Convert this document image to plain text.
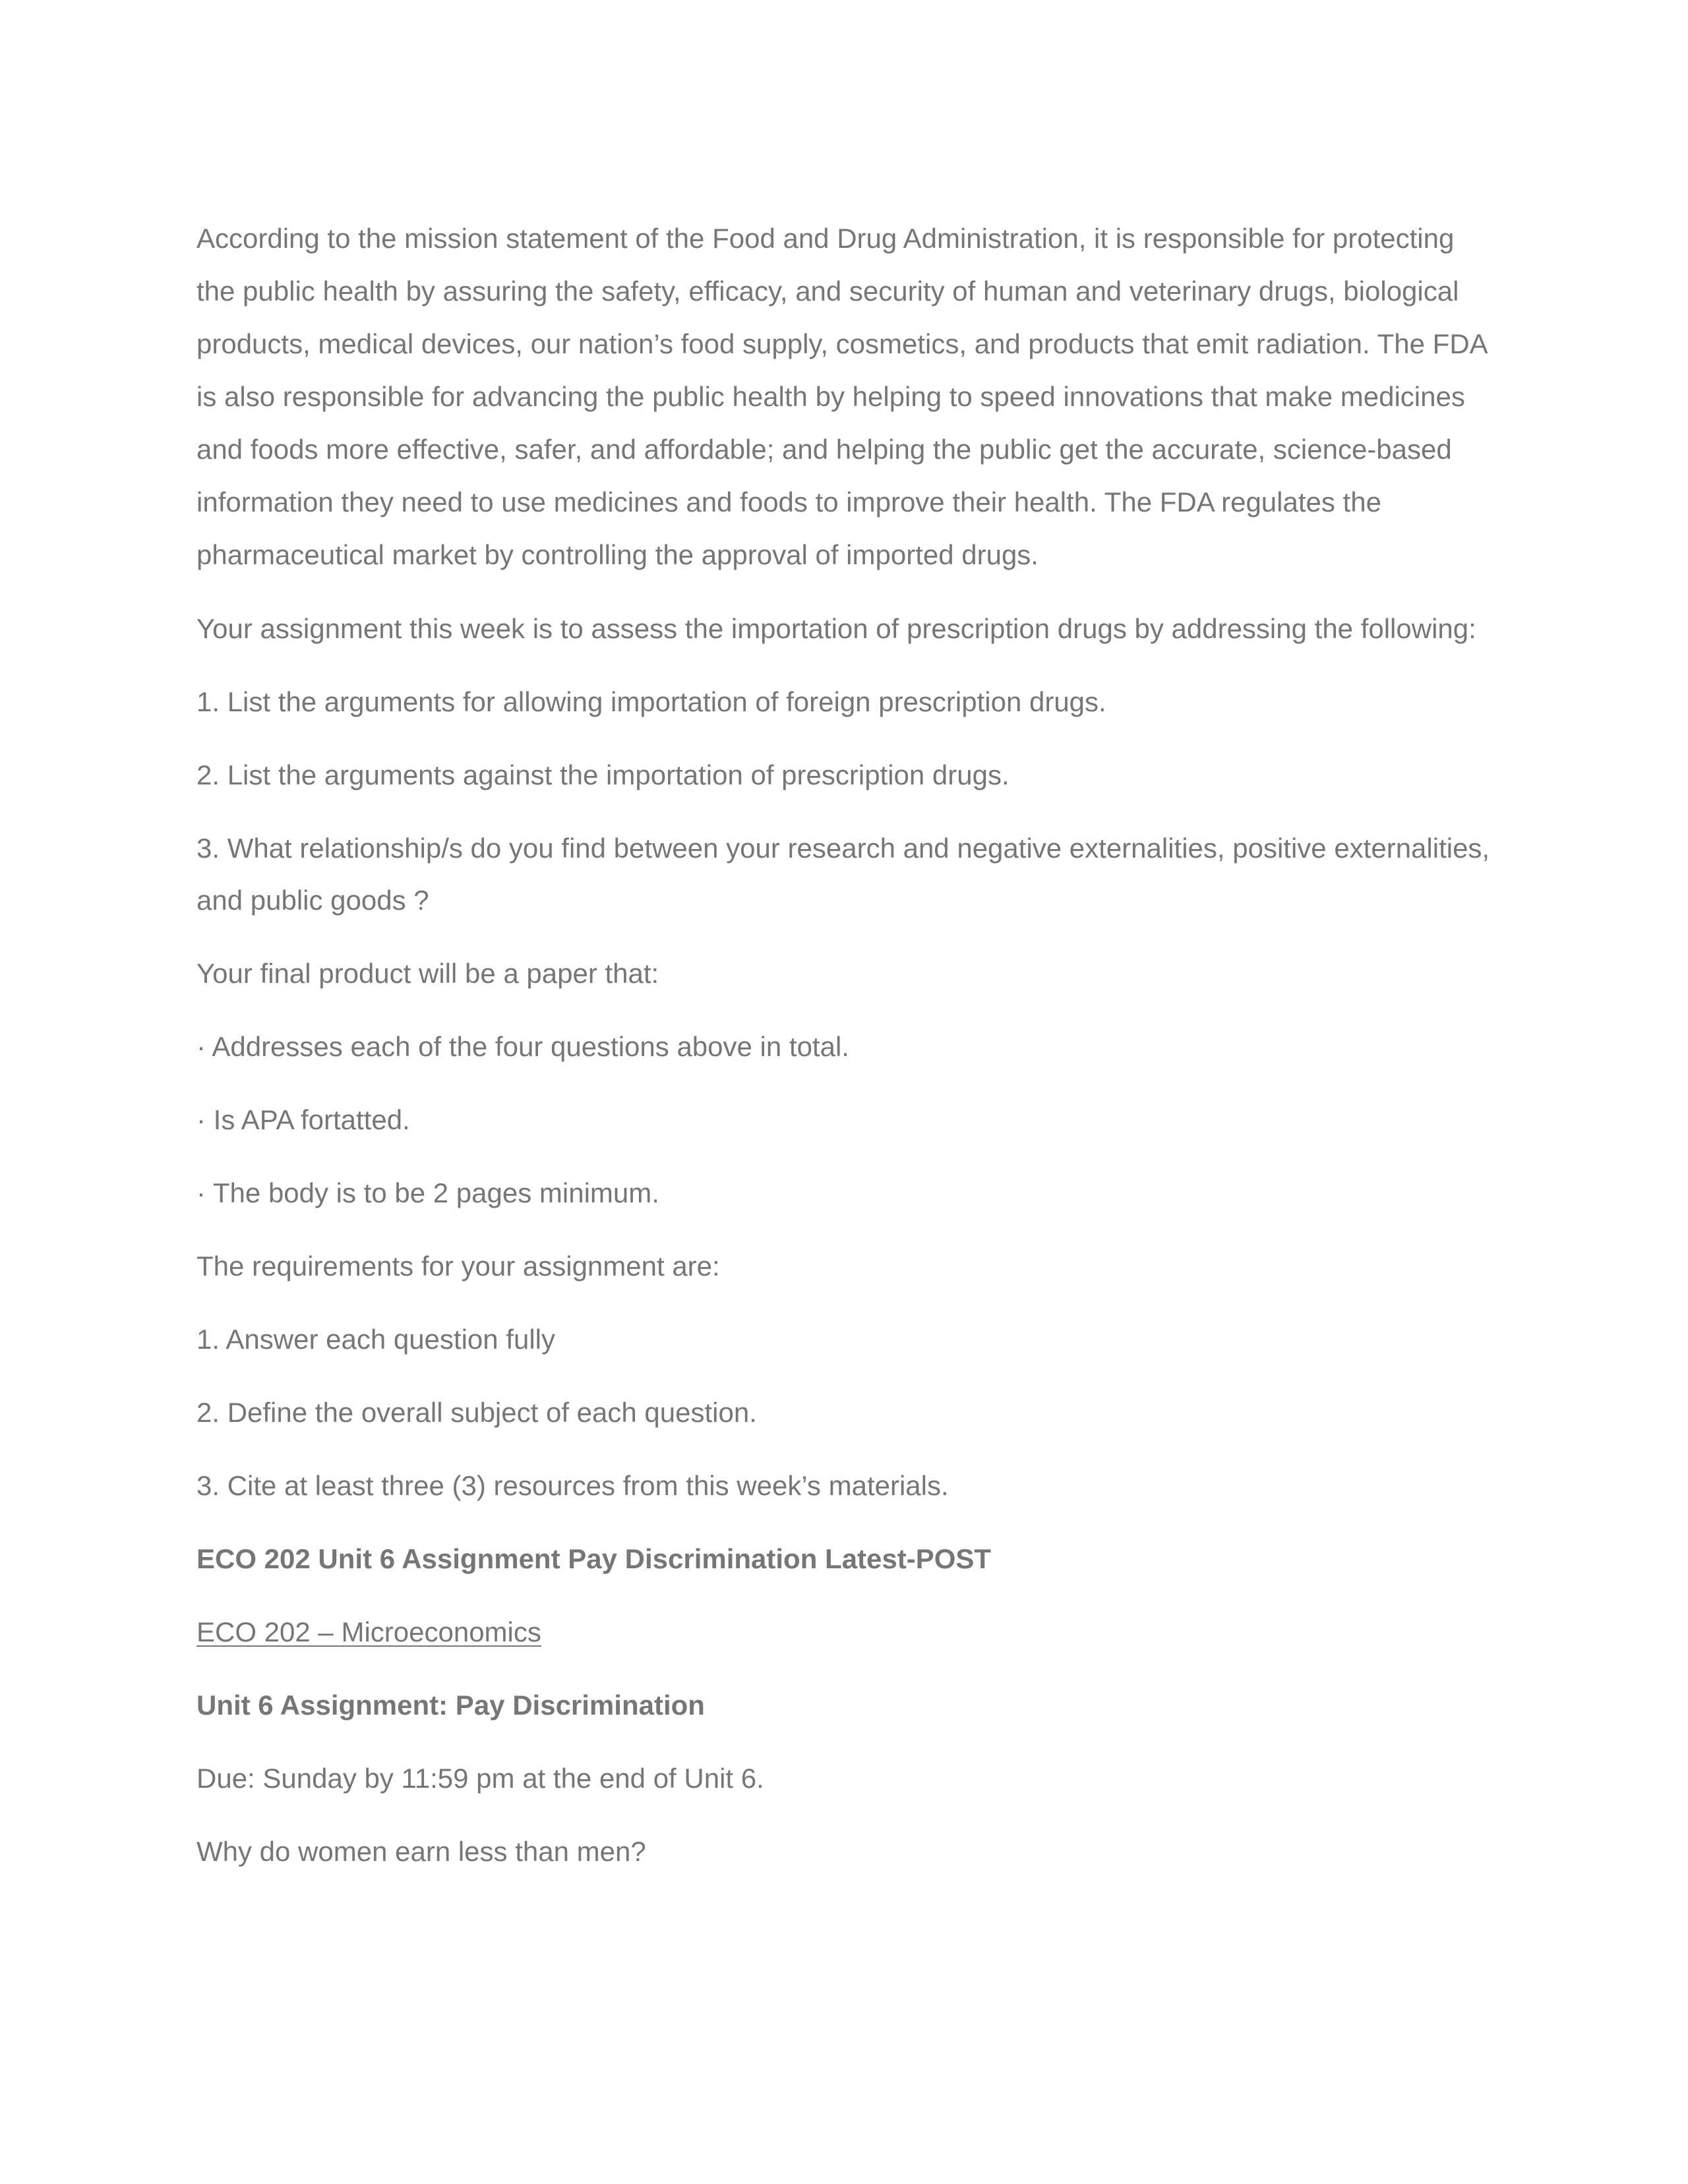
According to the mission statement of the Food and Drug Administration, it is responsible for protecting the public health by assuring the safety, efficacy, and security of human and veterinary drugs, biological products, medical devices, our nation’s food supply, cosmetics, and products that emit radiation. The FDA is also responsible for advancing the public health by helping to speed innovations that make medicines and foods more effective, safer, and affordable; and helping the public get the accurate, science-based information they need to use medicines and foods to improve their health. The FDA regulates the pharmaceutical market by controlling the approval of imported drugs.

Your assignment this week is to assess the importation of prescription drugs by addressing the following:

1. List the arguments for allowing importation of foreign prescription drugs.

2. List the arguments against the importation of prescription drugs.

3. What relationship/s do you find between your research and negative externalities, positive externalities, and public goods ?

Your final product will be a paper that:

· Addresses each of the four questions above in total.

· Is APA fortatted.

· The body is to be 2 pages minimum.

The requirements for your assignment are:

1. Answer each question fully

2. Define the overall subject of each question.

3. Cite at least three (3) resources from this week’s materials.

ECO 202 Unit 6 Assignment Pay Discrimination Latest-POST

ECO 202 – Microeconomics

Unit 6 Assignment: Pay Discrimination

Due: Sunday by 11:59 pm at the end of Unit 6.

Why do women earn less than men?
